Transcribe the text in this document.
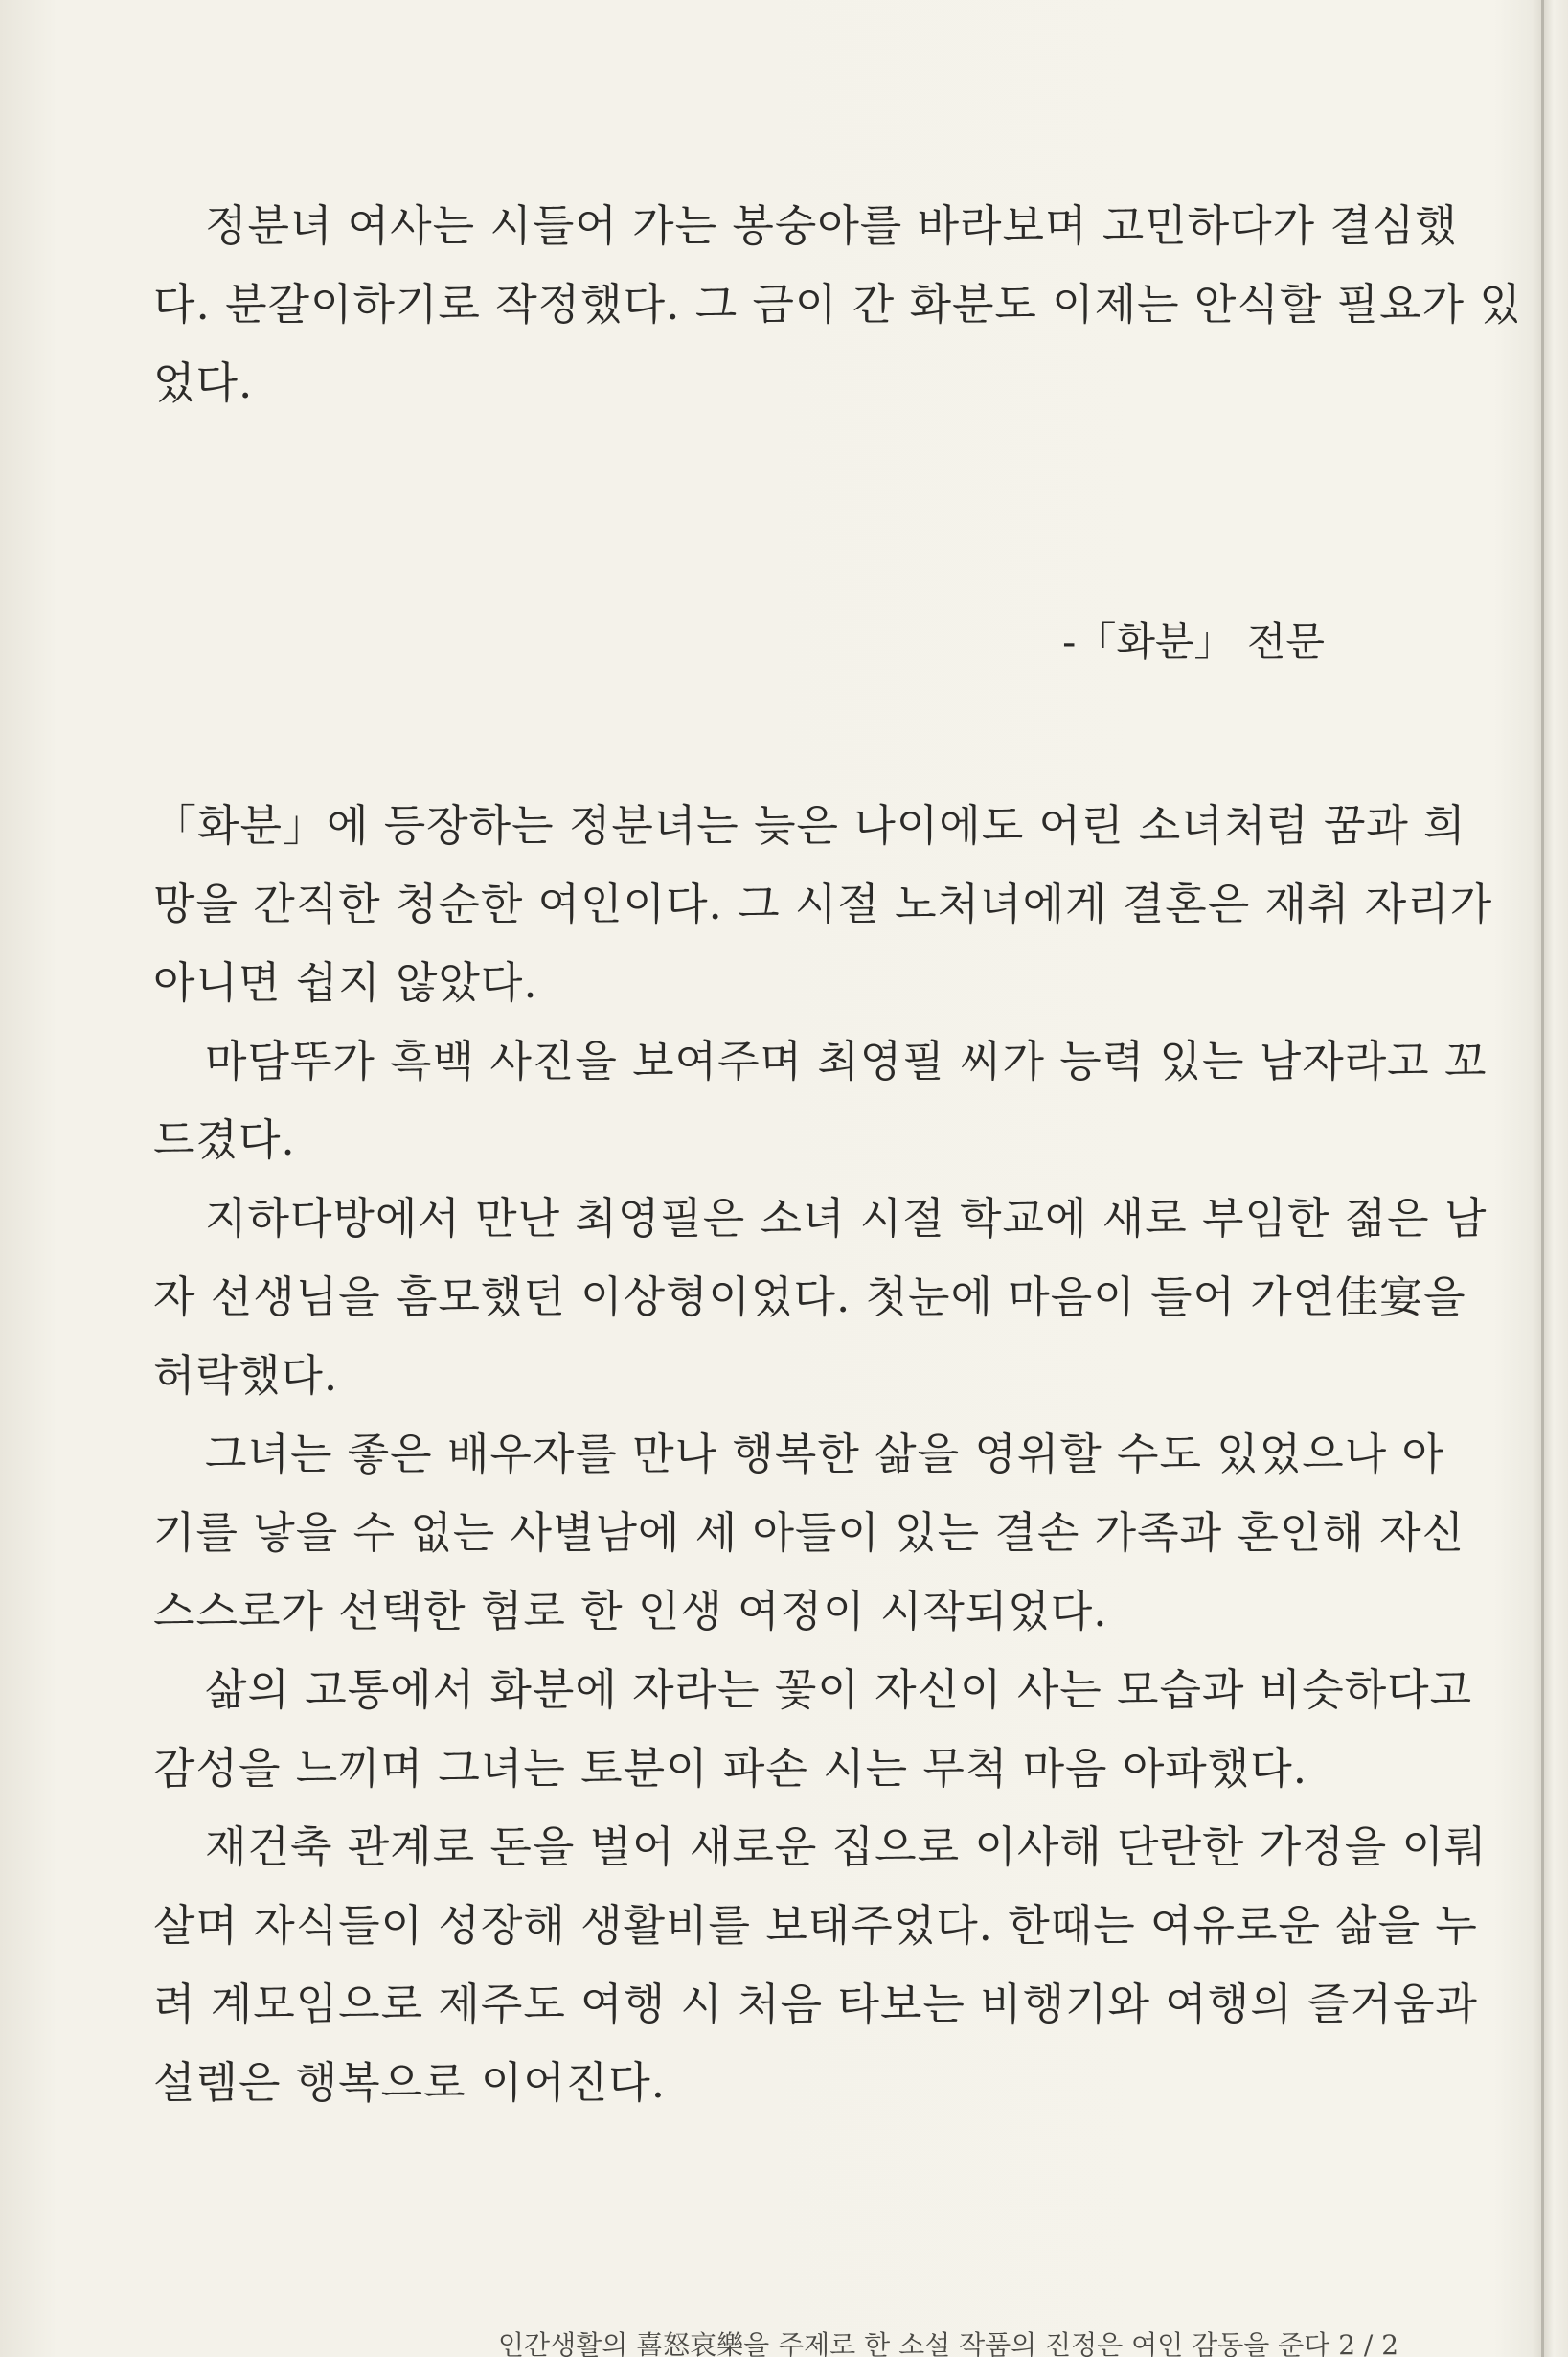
정분녀 여사는 시들어 가는 봉숭아를 바라보며 고민하다가 결심했
다. 분갈이하기로 작정했다. 그 금이 간 화분도 이제는 안식할 필요가 있
었다.
-「화분」 전문
「화분」에 등장하는 정분녀는 늦은 나이에도 어린 소녀처럼 꿈과 희
망을 간직한 청순한 여인이다. 그 시절 노처녀에게 결혼은 재취 자리가
아니면 쉽지 않았다.
마담뚜가 흑백 사진을 보여주며 최영필 씨가 능력 있는 남자라고 꼬
드겼다.
지하다방에서 만난 최영필은 소녀 시절 학교에 새로 부임한 젊은 남
자 선생님을 흠모했던 이상형이었다. 첫눈에 마음이 들어 가연佳宴을
허락했다.
그녀는 좋은 배우자를 만나 행복한 삶을 영위할 수도 있었으나 아
기를 낳을 수 없는 사별남에 세 아들이 있는 결손 가족과 혼인해 자신
스스로가 선택한 험로 한 인생 여정이 시작되었다.
삶의 고통에서 화분에 자라는 꽃이 자신이 사는 모습과 비슷하다고
감성을 느끼며 그녀는 토분이 파손 시는 무척 마음 아파했다.
재건축 관계로 돈을 벌어 새로운 집으로 이사해 단란한 가정을 이뤄
살며 자식들이 성장해 생활비를 보태주었다. 한때는 여유로운 삶을 누
려 계모임으로 제주도 여행 시 처음 타보는 비행기와 여행의 즐거움과
설렘은 행복으로 이어진다.
인간생활의 喜怒哀樂을 주제로 한 소설 작품의 진정은 여인 감동을 준다 2 / 2
